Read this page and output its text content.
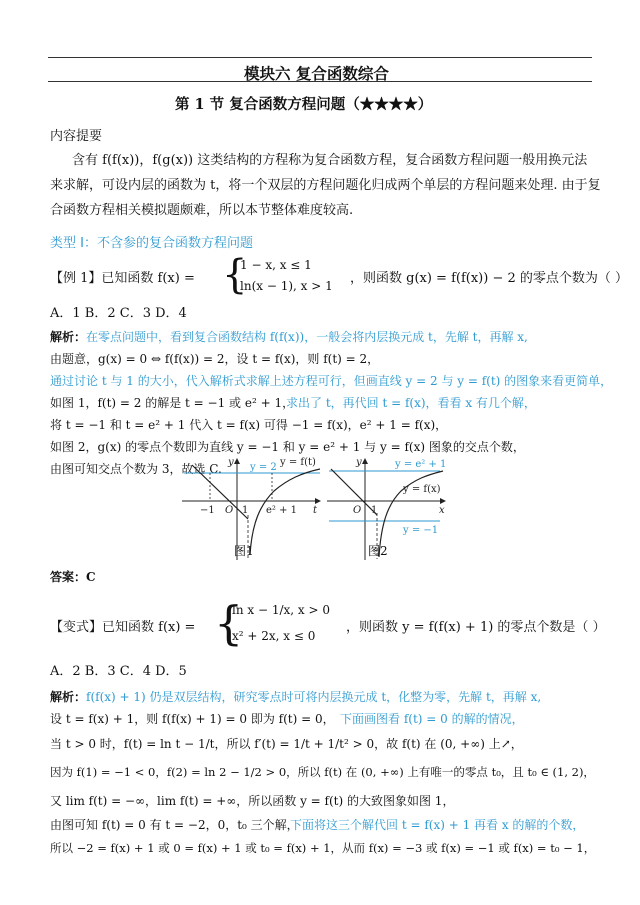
模块六 复合函数综合
第 1 节 复合函数方程问题（★★★★）
内容提要
含有 f(f(x))，f(g(x)) 这类结构的方程称为复合函数方程，复合函数方程问题一般用换元法
来求解，可设内层的函数为 t，将一个双层的方程问题化归成两个单层的方程问题来处理. 由于复
合函数方程相关模拟题颇难，所以本节整体难度较高.
类型 I：不含参的复合函数方程问题
【例 1】已知函数 f(x) = {
1 − x, x ≤ 1
ln(x − 1), x > 1 ，则函数 g(x) = f(f(x)) − 2 的零点个数为（ ）
A．1 B．2 C．3 D．4
解析： 在零点问题中，看到复合函数结构 f(f(x))，一般会将内层换元成 t，先解 t，再解 x,
由题意，g(x) = 0 ⇔ f(f(x)) = 2，设 t = f(x)，则 f(t) = 2，
通过讨论 t 与 1 的大小，代入解析式求解上述方程可行，但画直线 y = 2 与 y = f(t) 的图象来看更简单，
如图 1，f(t) = 2 的解是 t = −1 或 e² + 1，
求出了 t，再代回 t = f(x)，看看 x 有几个解，
将 t = −1 和 t = e² + 1 代入 t = f(x) 可得 −1 = f(x)，e² + 1 = f(x)，
如图 2，g(x) 的零点个数即为直线 y = −1 和 y = e² + 1 与 y = f(x) 图象的交点个数，
由图可知交点个数为 3，故选 C.	y = 2 y = f(t)
t
y
−1 O 1 e² + 1
图1
y = e² + 1
y = f(x)
y = −1
x
y
O 1
图2
答案：C
【变式】已知函数 f(x) = {
ln x − 1/x, x > 0
x² + 2x, x ≤ 0
，则函数 y = f(f(x) + 1) 的零点个数是（ ）
A．2 B．3 C．4 D．5
解析： f(f(x) + 1) 仍是双层结构，研究零点时可将内层换元成 t，化整为零，先解 t，再解 x,
设 t = f(x) + 1，则 f(f(x) + 1) = 0 即为 f(t) = 0， 下面画图看 f(t) = 0 的解的情况，
当 t > 0 时，f(t) = ln t − 1/t，所以 f′(t) = 1/t + 1/t² > 0，故 f(t) 在 (0, +∞) 上↗，
因为 f(1) = −1 < 0，f(2) = ln 2 − 1/2 > 0，所以 f(t) 在 (0, +∞) 上有唯一的零点 t₀，且 t₀ ∈ (1, 2)，
又 lim f(t) = −∞，lim f(t) = +∞，所以函数 y = f(t) 的大致图象如图 1，
由图可知 f(t) = 0 有 t = −2，0，t₀ 三个解，
下面将这三个解代回 t = f(x) + 1 再看 x 的解的个数，
所以 −2 = f(x) + 1 或 0 = f(x) + 1 或 t₀ = f(x) + 1，从而 f(x) = −3 或 f(x) = −1 或 f(x) = t₀ − 1，
